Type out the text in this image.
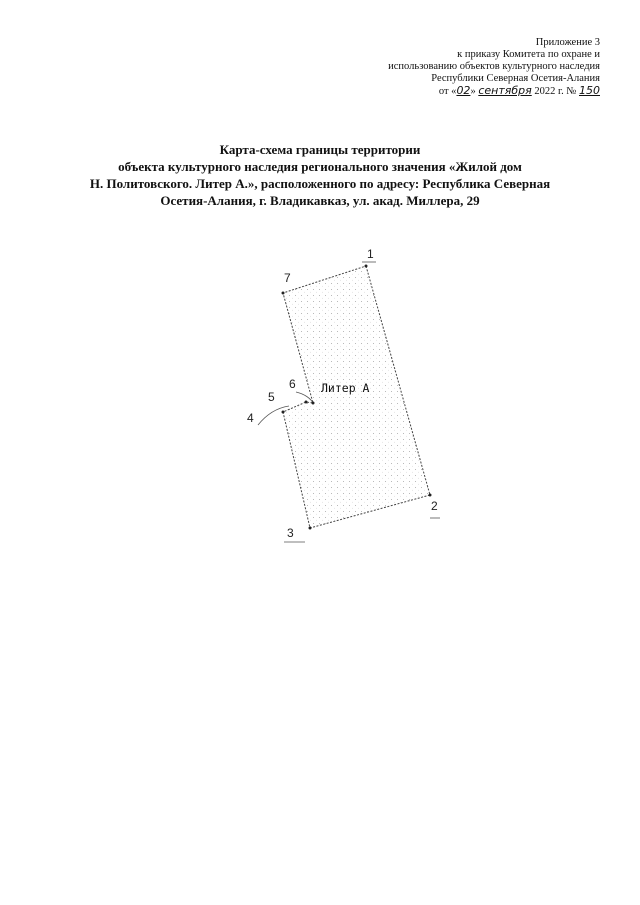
Приложение 3
к приказу Комитета по охране и
использованию объектов культурного наследия
Республики Северная Осетия-Алания
от «02» сентября 2022 г. № 150
Карта-схема границы территории
объекта культурного наследия регионального значения «Жилой дом
Н. Политовского. Литер А.», расположенного по адресу: Республика Северная
Осетия-Алания, г. Владикавказ, ул. акад. Миллера, 29
1
2
3
4
5
6
7
Литер А
